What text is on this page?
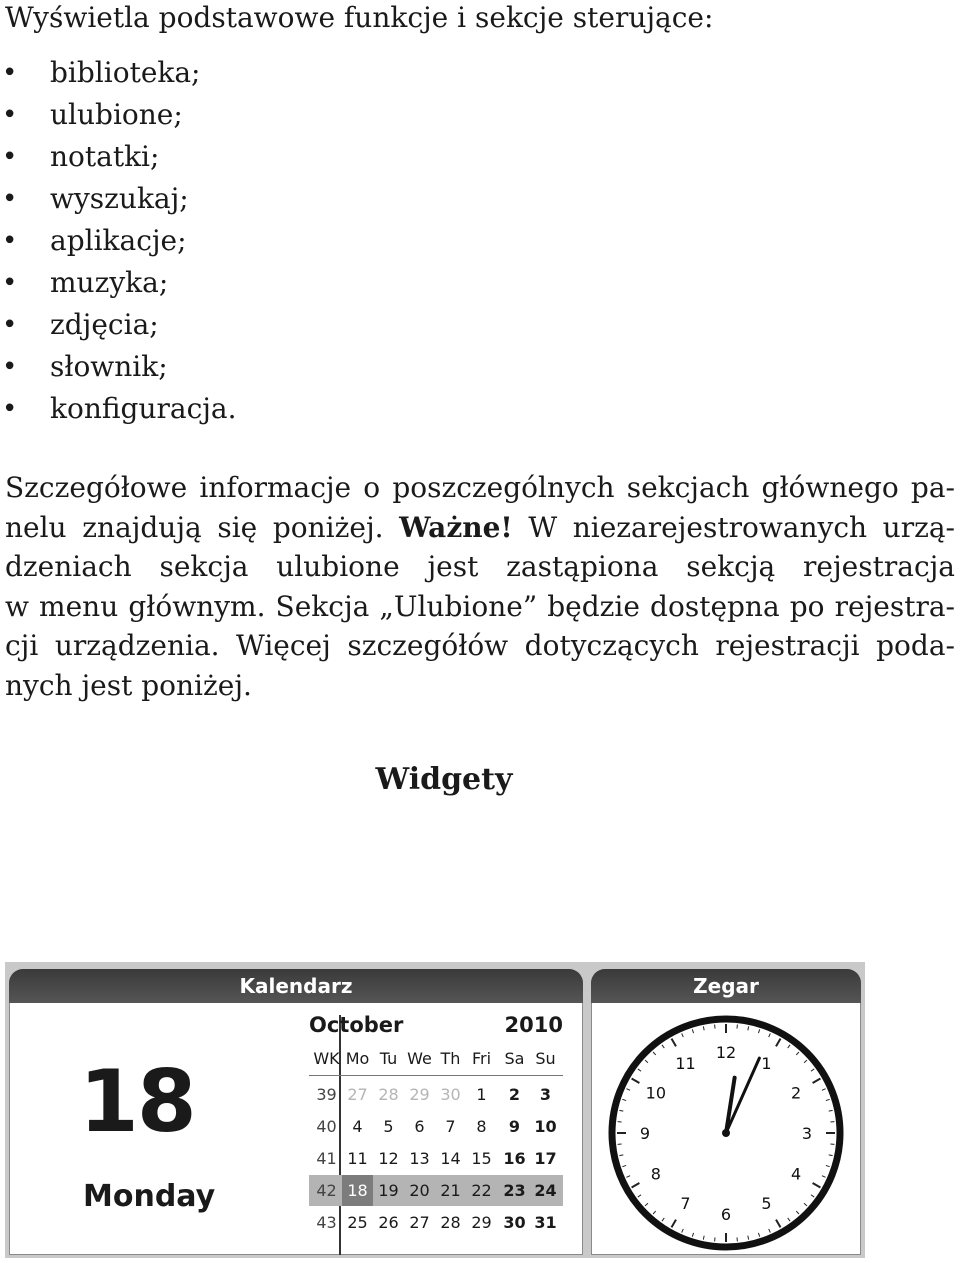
Wyświetla podstawowe funkcje i sekcje sterujące:

• biblioteka;
• ulubione;
• notatki;
• wyszukaj;
• aplikacje;
• muzyka;
• zdjęcia;
• słownik;
• konfiguracja.
Szczegółowe informacje o poszczególnych sekcjach głównego pa-
nelu znajdują się poniżej. Ważne! W niezarejestrowanych urzą-
dzeniach sekcja ulubione jest zastąpiona sekcją rejestracja
w menu głównym. Sekcja „Ulubione” będzie dostępna po rejestra-
cji urządzenia. Więcej szczegółów dotyczących rejestracji poda-
nych jest poniżej.
Widgety
Kalendarz
18
Monday
October	2010
WK Mo Tu We Th Fri Sa Su
39 27 28 29 30 1	2	3
40 4	5	6	7	8	9 10
41 11 12 13 14 15 16 17
42 18 19 20 21 22 23 24
43 25 26 27 28 29 30 31
Zegar
12
1
2
3
4
5
6
7
8
9
10
11
